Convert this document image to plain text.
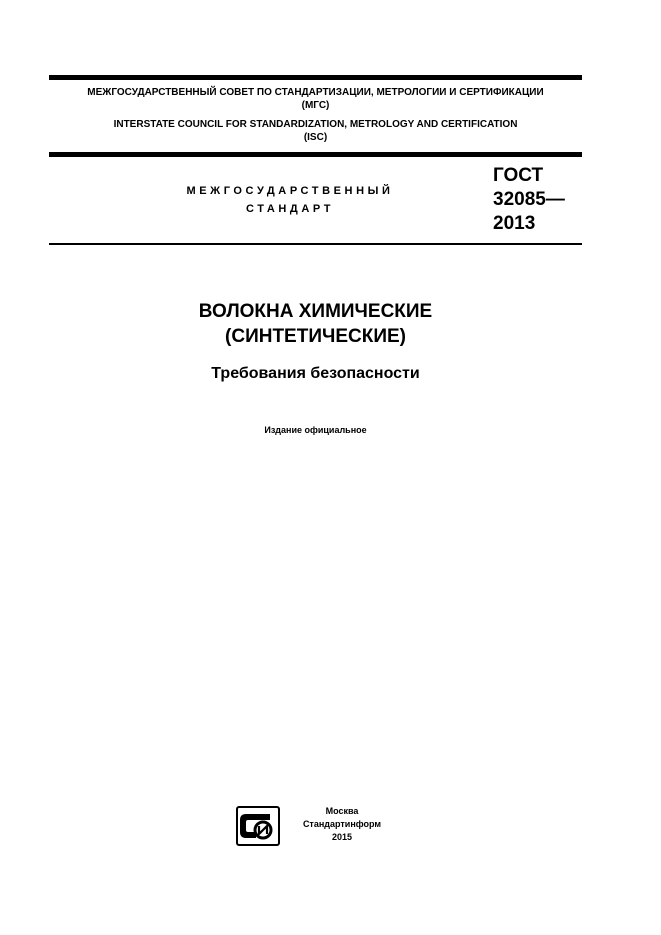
МЕЖГОСУДАРСТВЕННЫЙ СОВЕТ ПО СТАНДАРТИЗАЦИИ, МЕТРОЛОГИИ И СЕРТИФИКАЦИИ
(МГС)
INTERSTATE COUNCIL FOR STANDARDIZATION, METROLOGY AND CERTIFICATION
(ISC)
МЕЖГОСУДАРСТВЕННЫЙ
СТАНДАРТ
ГОСТ
32085—
2013
ВОЛОКНА ХИМИЧЕСКИЕ
(СИНТЕТИЧЕСКИЕ)
Требования безопасности
Издание официальное
Москва
Стандартинформ
2015
